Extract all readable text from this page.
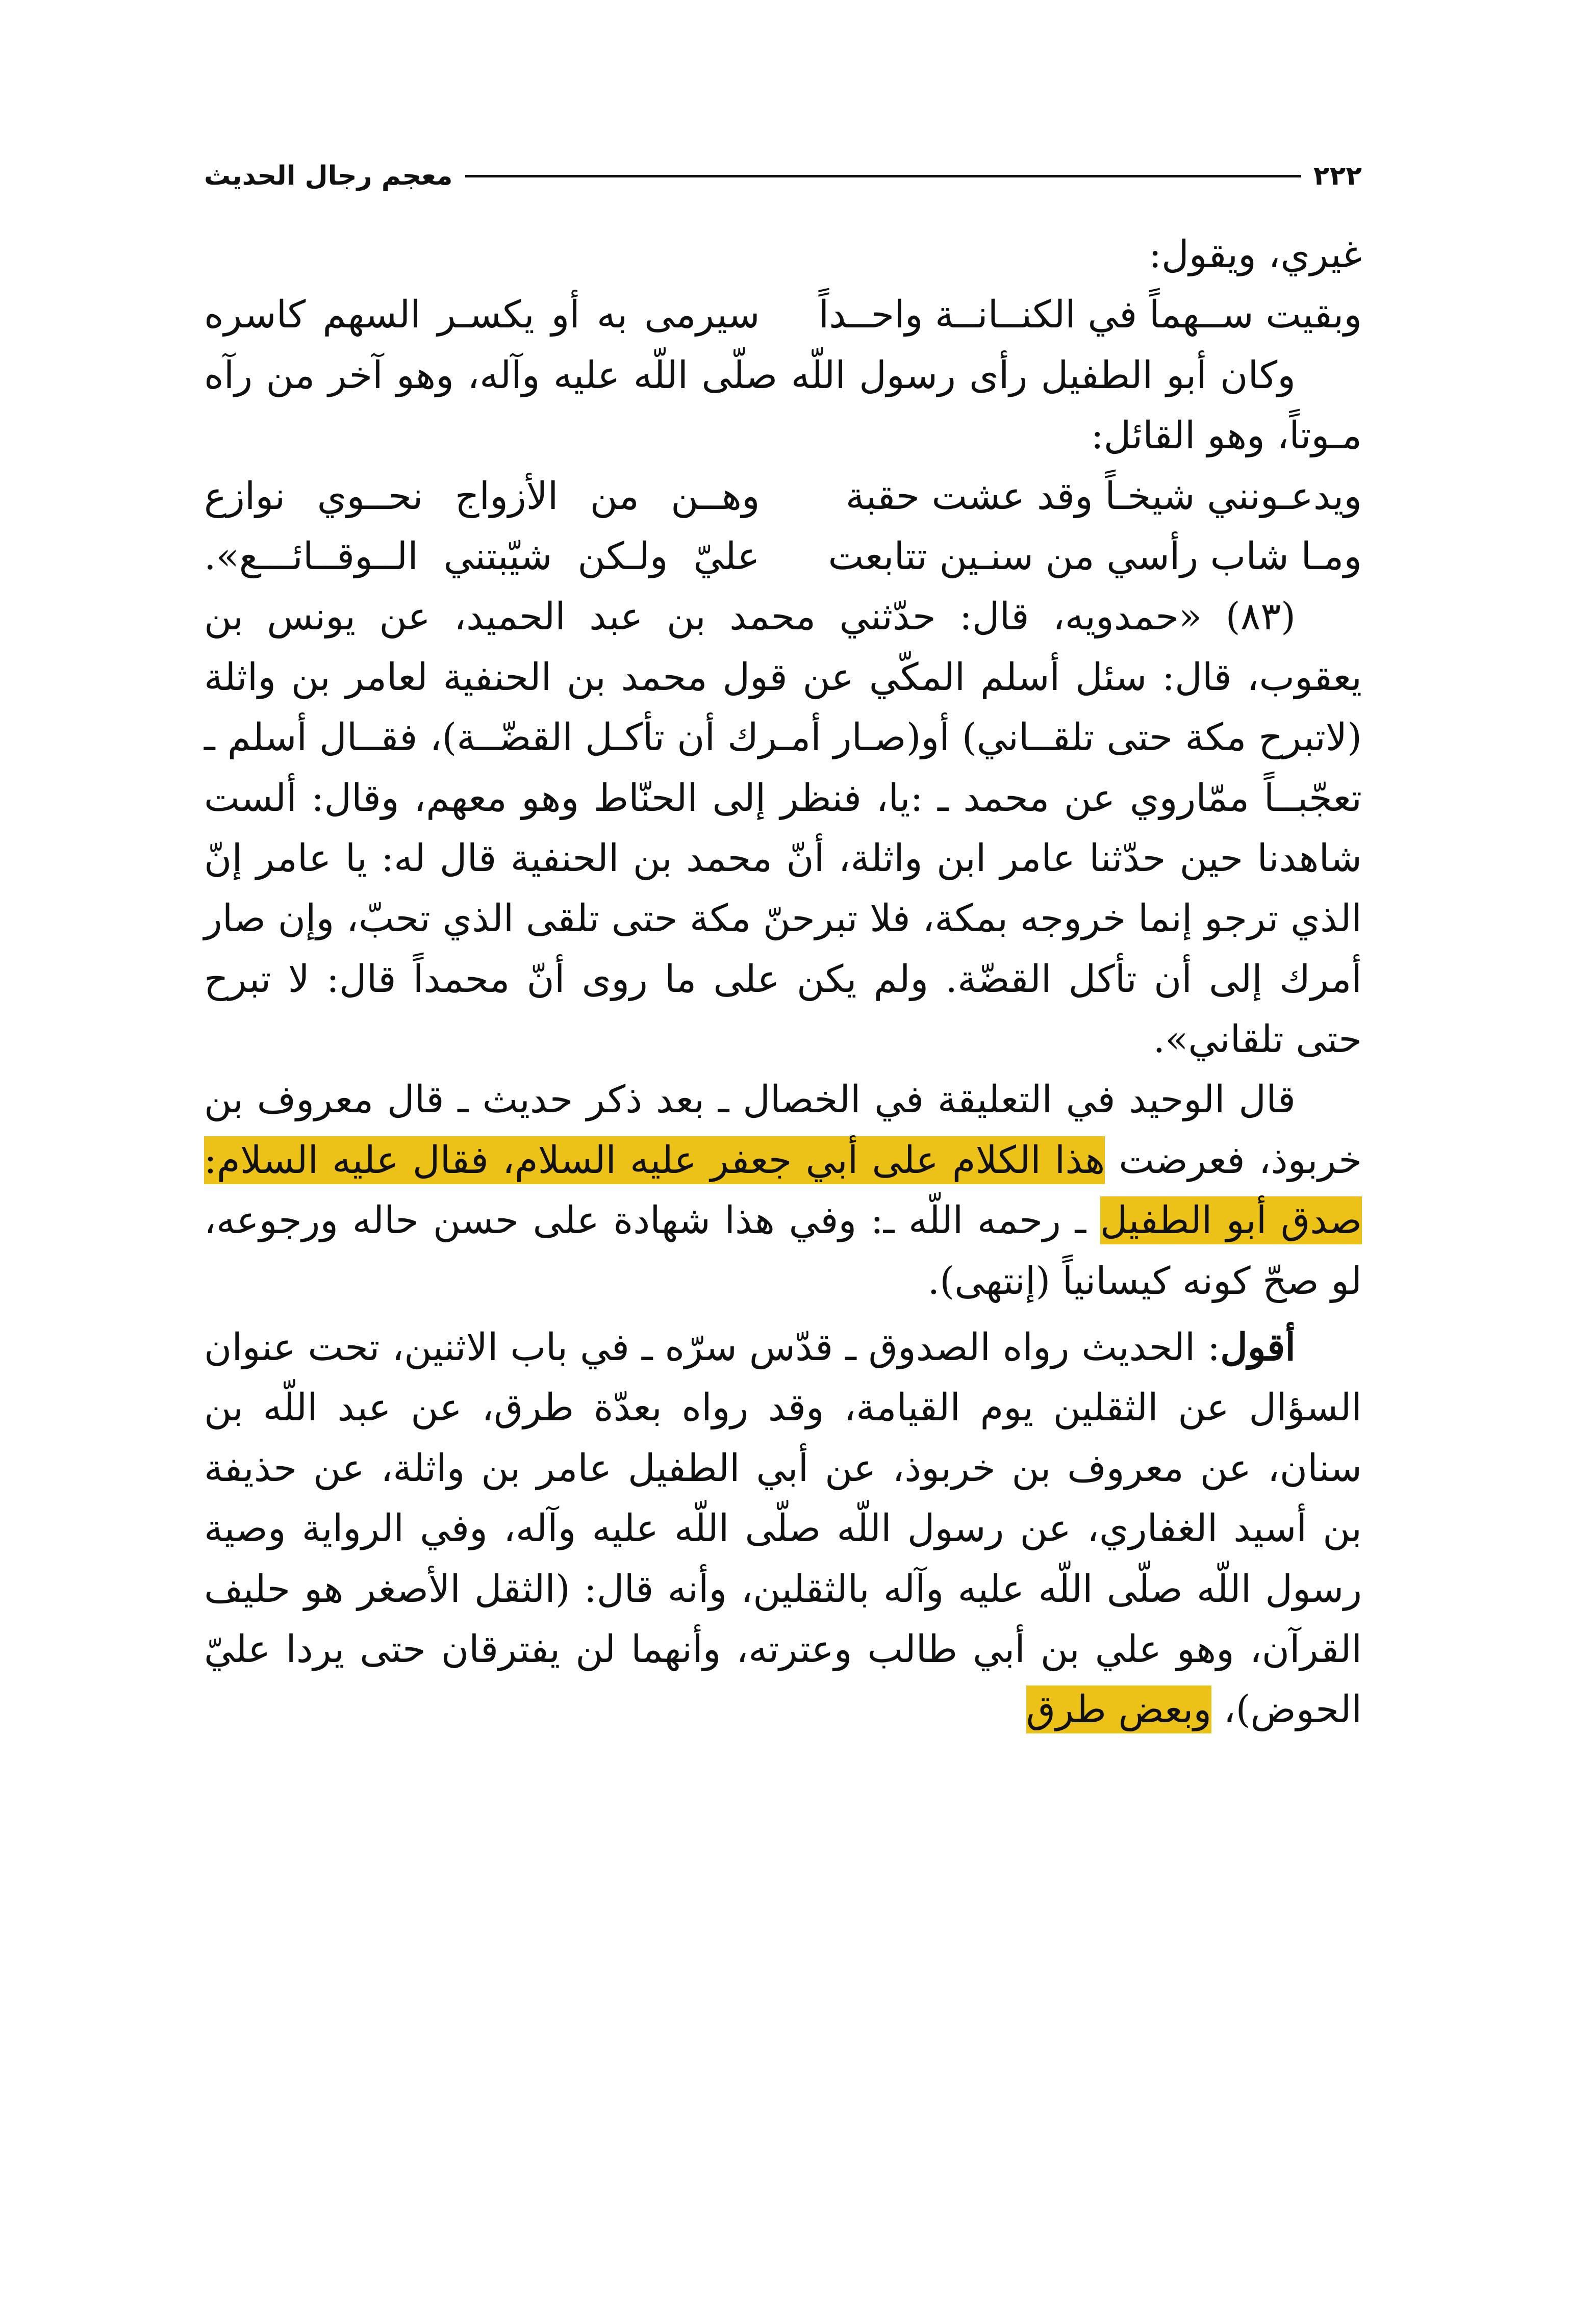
٢٢٢
معجم رجال الحديث

غيري، ويقول:

وبقيت ســهماً في الكنــانــة واحــداً
سيرمى به أو يكسـر السهم كاسره

وكان أبو الطفيل رأى رسول اللّه صلّى اللّه عليه وآله، وهو آخر من رآه مـوتاً، وهو القائل:

ويدعـونني شيخـاً وقد عشت حقبة
وهــن من الأزواج نحــوي نوازع
ومـا شاب رأسي من سنـين تتابعت
عليّ ولـكن شيّبتني الــوقــائـــع».

(٨٣) «حمدويه، قال: حدّثني محمد بن عبد الحميد، عن يونس بن يعقوب، قال: سئل أسلم المكّي عن قول محمد بن الحنفية لعامر بن واثلة (لاتبرح مكة حتى تلقــاني) أو(صـار أمـرك أن تأكـل القضّــة)، فقــال أسلم ـ تعجّبــاً ممّاروي عن محمد ـ :يا، فنظر إلى الحنّاط وهو معهم، وقال: ألست شاهدنا حين حدّثنا عامر ابن واثلة، أنّ محمد بن الحنفية قال له: يا عامر إنّ الذي ترجو إنما خروجه بمكة، فلا تبرحنّ مكة حتى تلقى الذي تحبّ، وإن صار أمرك إلى أن تأكل القضّة. ولم يكن على ما روى أنّ محمداً قال: لا تبرح حتى تلقاني».

قال الوحيد في التعليقة في الخصال ـ بعد ذكر حديث ـ قال معروف بن خربوذ، فعرضت هذا الكلام على أبي جعفر عليه السلام، فقال عليه السلام: صدق أبو الطفيل ـ رحمه اللّه ـ: وفي هذا شهادة على حسن حاله ورجوعه، لو صحّ كونه كيسانياً (إنتهى).

أقول: الحديث رواه الصدوق ـ قدّس سرّه ـ في باب الاثنين، تحت عنوان السؤال عن الثقلين يوم القيامة، وقد رواه بعدّة طرق، عن عبد اللّه بن سنان، عن معروف بن خربوذ، عن أبي الطفيل عامر بن واثلة، عن حذيفة بن أسيد الغفاري، عن رسول اللّه صلّى اللّه عليه وآله، وفي الرواية وصية رسول اللّه صلّى اللّه عليه وآله بالثقلين، وأنه قال: (الثقل الأصغر هو حليف القرآن، وهو علي بن أبي طالب وعترته، وأنهما لن يفترقان حتى يردا عليّ الحوض)، وبعض طرق
